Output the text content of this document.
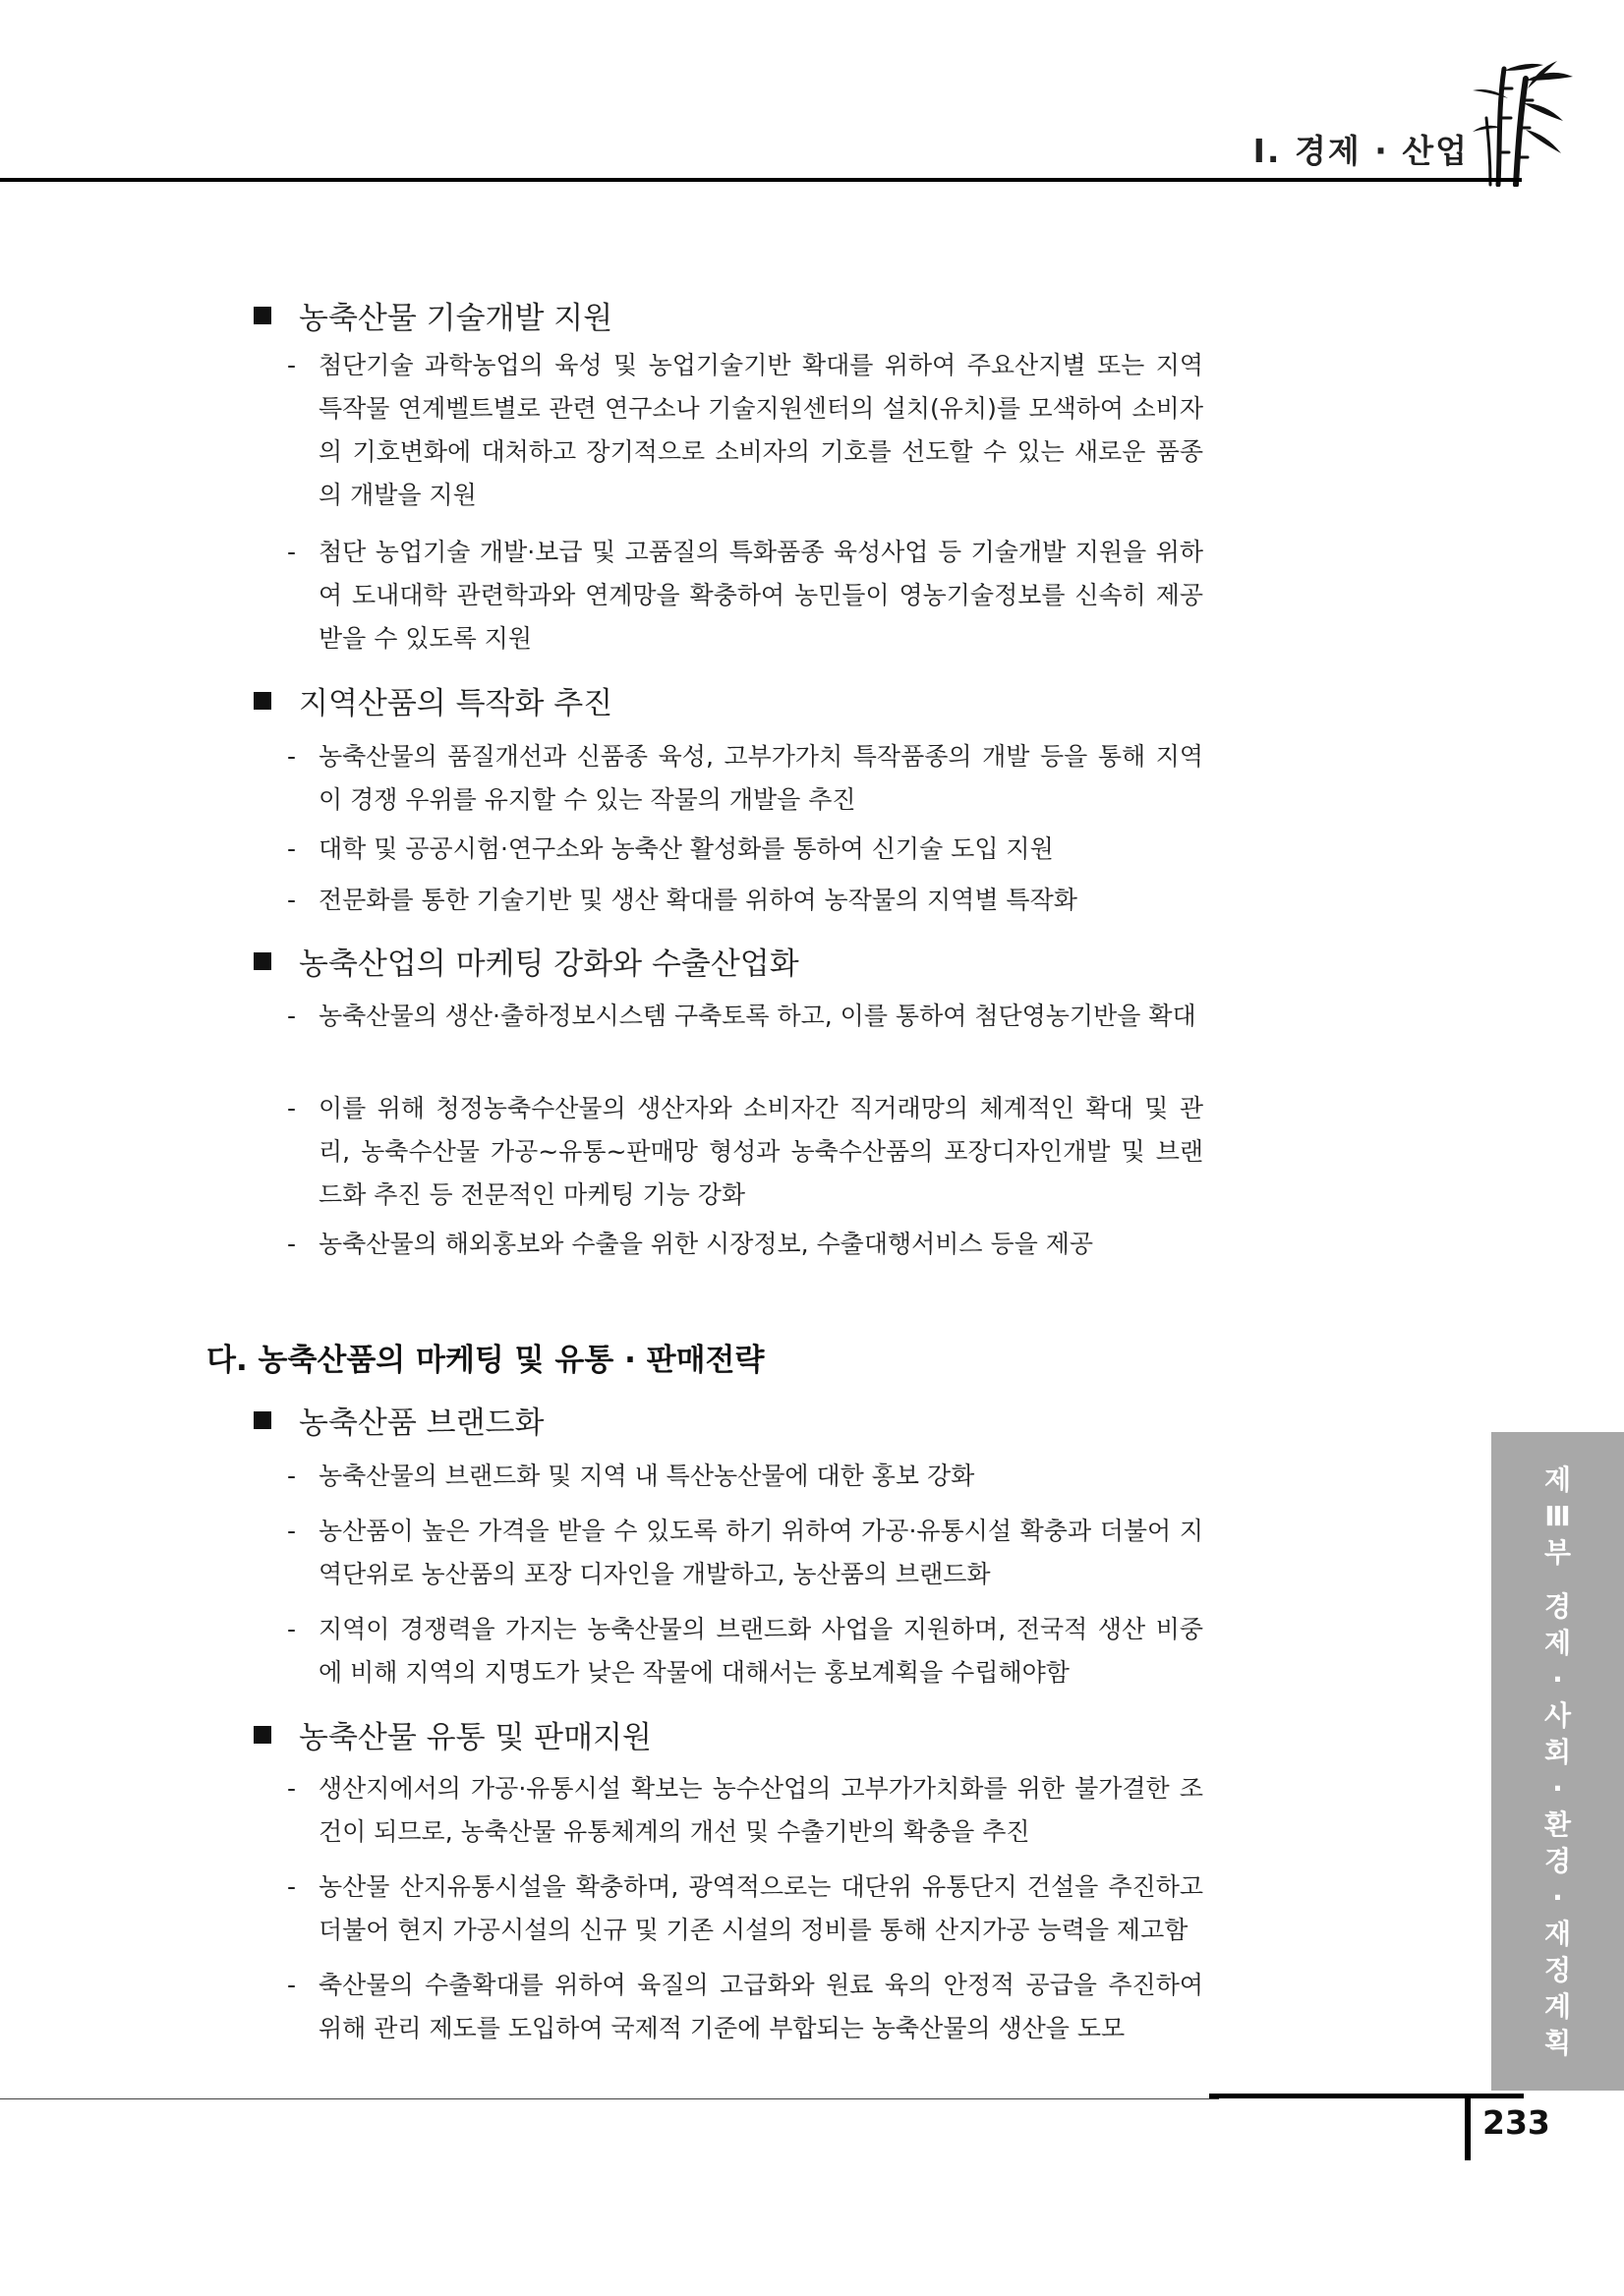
Ⅰ. 경제 · 산업
농축산물 기술개발 지원
- 첨단기술 과학농업의 육성 및 농업기술기반 확대를 위하여 주요산지별 또는 지역 특작물 연계벨트별로 관련 연구소나 기술지원센터의 설치(유치)를 모색하여 소비자의 기호변화에 대처하고 장기적으로 소비자의 기호를 선도할 수 있는 새로운 품종의 개발을 지원
- 첨단 농업기술 개발·보급 및 고품질의 특화품종 육성사업 등 기술개발 지원을 위하여 도내대학 관련학과와 연계망을 확충하여 농민들이 영농기술정보를 신속히 제공받을 수 있도록 지원
지역산품의 특작화 추진
- 농축산물의 품질개선과 신품종 육성, 고부가가치 특작품종의 개발 등을 통해 지역이 경쟁 우위를 유지할 수 있는 작물의 개발을 추진
- 대학 및 공공시험·연구소와 농축산 활성화를 통하여 신기술 도입 지원
- 전문화를 통한 기술기반 및 생산 확대를 위하여 농작물의 지역별 특작화
농축산업의 마케팅 강화와 수출산업화
- 농축산물의 생산·출하정보시스템 구축토록 하고, 이를 통하여 첨단영농기반을 확대
- 이를 위해 청정농축수산물의 생산자와 소비자간 직거래망의 체계적인 확대 및 관리, 농축수산물 가공~유통~판매망 형성과 농축수산품의 포장디자인개발 및 브랜드화 추진 등 전문적인 마케팅 기능 강화
- 농축산물의 해외홍보와 수출을 위한 시장정보, 수출대행서비스 등을 제공
다. 농축산품의 마케팅 및 유통 · 판매전략
농축산품 브랜드화
- 농축산물의 브랜드화 및 지역 내 특산농산물에 대한 홍보 강화
- 농산품이 높은 가격을 받을 수 있도록 하기 위하여 가공·유통시설 확충과 더불어 지역단위로 농산품의 포장 디자인을 개발하고, 농산품의 브랜드화
- 지역이 경쟁력을 가지는 농축산물의 브랜드화 사업을 지원하며, 전국적 생산 비중에 비해 지역의 지명도가 낮은 작물에 대해서는 홍보계획을 수립해야함
농축산물 유통 및 판매지원
- 생산지에서의 가공·유통시설 확보는 농수산업의 고부가가치화를 위한 불가결한 조건이 되므로, 농축산물 유통체계의 개선 및 수출기반의 확충을 추진
- 농산물 산지유통시설을 확충하며, 광역적으로는 대단위 유통단지 건설을 추진하고 더불어 현지 가공시설의 신규 및 기존 시설의 정비를 통해 산지가공 능력을 제고함
- 축산물의 수출확대를 위하여 육질의 고급화와 원료 육의 안정적 공급을 추진하여 위해 관리 제도를 도입하여 국제적 기준에 부합되는 농축산물의 생산을 도모
제
Ⅲ
부
경
제
·
사
회
·
환
경
·
재
정
계
획
233
